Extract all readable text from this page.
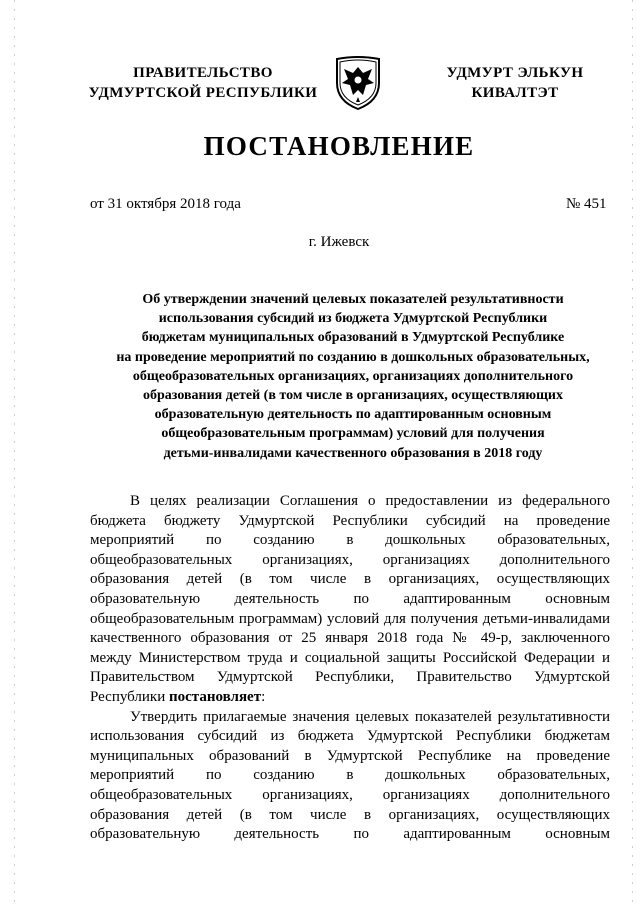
ПРАВИТЕЛЬСТВО
УДМУРТСКОЙ РЕСПУБЛИКИ
УДМУРТ ЭЛЬКУН
КИВАЛТЭТ
ПОСТАНОВЛЕНИЕ
от 31 октября 2018 года	№ 451
г. Ижевск
Об утверждении значений целевых показателей результативности
использования субсидий из бюджета Удмуртской Республики
бюджетам муниципальных образований в Удмуртской Республике
на проведение мероприятий по созданию в дошкольных образовательных,
общеобразовательных организациях, организациях дополнительного
образования детей (в том числе в организациях, осуществляющих
образовательную деятельность по адаптированным основным
общеобразовательным программам) условий для получения
детьми-инвалидами качественного образования в 2018 году
В целях реализации Соглашения о предоставлении из федерального
бюджета бюджету Удмуртской Республики субсидий на проведение
мероприятий по созданию в дошкольных образовательных,
общеобразовательных организациях, организациях дополнительного
образования детей (в том числе в организациях, осуществляющих
образовательную деятельность по адаптированным основным
общеобразовательным программам) условий для получения детьми-инвалидами
качественного образования от 25 января 2018 года № 49-р, заключенного
между Министерством труда и социальной защиты Российской Федерации и
Правительством Удмуртской Республики, Правительство Удмуртской
Республики постановляет:
Утвердить прилагаемые значения целевых показателей результативности
использования субсидий из бюджета Удмуртской Республики бюджетам
муниципальных образований в Удмуртской Республике на проведение
мероприятий по созданию в дошкольных образовательных,
общеобразовательных организациях, организациях дополнительного
образования детей (в том числе в организациях, осуществляющих
образовательную деятельность по адаптированным основным
